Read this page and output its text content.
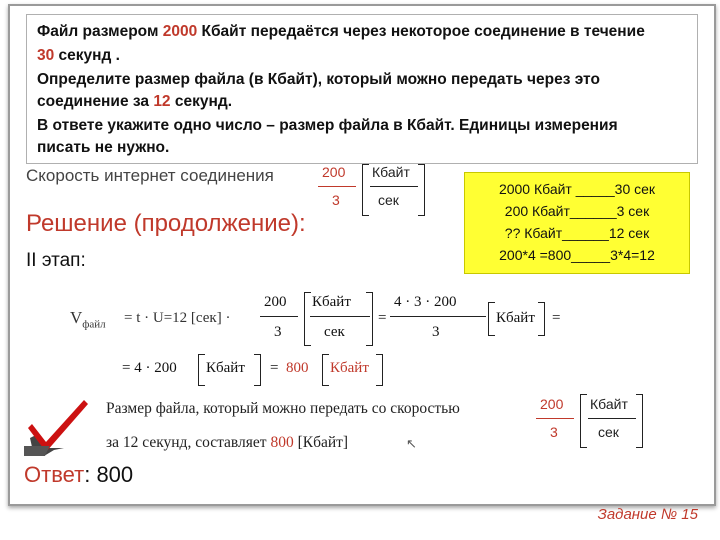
Файл размером 2000 Кбайт передаётся через некоторое соединение в течение

30 секунд .

Определите размер файла (в Кбайт), который можно передать через это

соединение за 12 секунд.

В ответе укажите одно число – размер файла в Кбайт. Единицы измерения

писать не нужно.

Скорость интернет соединения	200
3
Кбайт
сек
Решение (продолжение):
II этап:
2000 Кбайт _____30 сек
200 Кбайт______3 сек
?? Кбайт______12 сек
200*4 =800_____3*4=12
$V_{файл} = t \cdot U=12$ [сек] ·
200
3
Кбайт
сек
=
4 · 3 · 200
3
Кбайт =
= 4 · 200 Кбайт = 800 Кбайт
Размер файла, который можно передать со скоростью
за 12 секунд, составляет 800 [Кбайт]	↖
200
3
Кбайт
сек
Ответ: 800
Задание № 15
